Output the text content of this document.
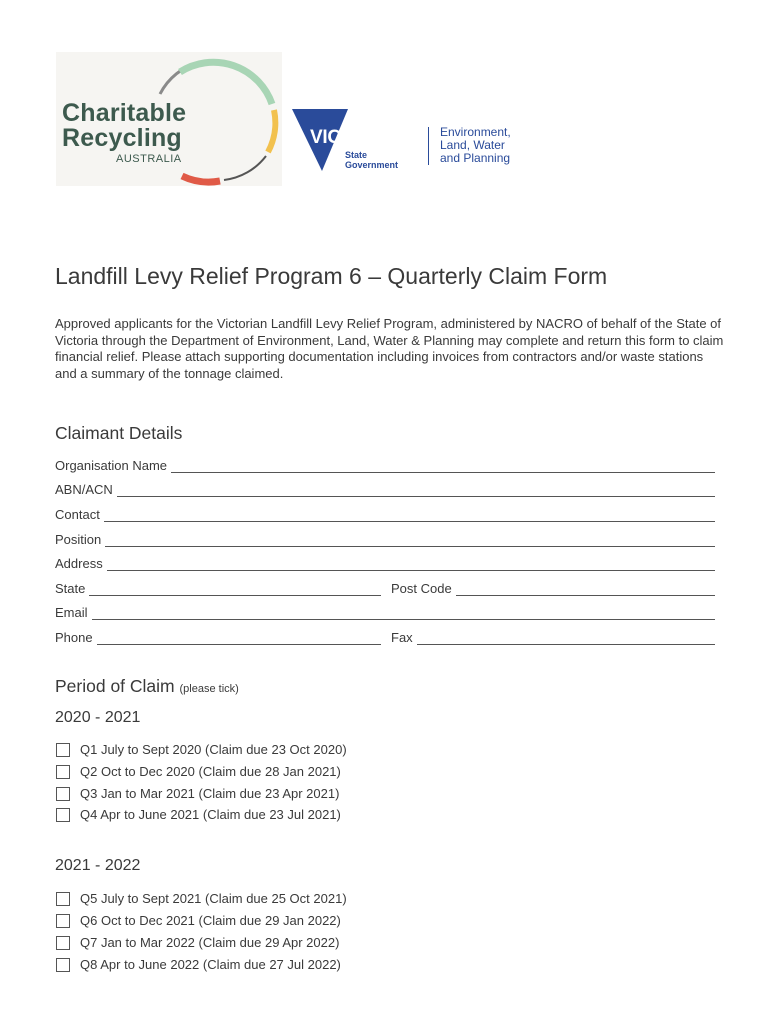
Charitable
Recycling
AUSTRALIA
VICTORIA
State
Government
Environment,
Land, Water
and Planning
Landfill Levy Relief Program 6 – Quarterly Claim Form

Approved applicants for the Victorian Landfill Levy Relief Program, administered by NACRO of behalf of the State of Victoria through the Department of Environment, Land, Water & Planning may complete and return this form to claim financial relief. Please attach supporting documentation including invoices from contractors and/or waste stations and a summary of the tonnage claimed.

Claimant Details
Organisation Name
ABN/ACN
Contact
Position
Address
State	Post Code
Email
Phone	Fax
Period of Claim (please tick)
2020 - 2021
Q1 July to Sept 2020 (Claim due 23 Oct 2020)
Q2 Oct to Dec 2020 (Claim due 28 Jan 2021)
Q3 Jan to Mar 2021 (Claim due 23 Apr 2021)
Q4 Apr to June 2021 (Claim due 23 Jul 2021)
2021 - 2022
Q5 July to Sept 2021 (Claim due 25 Oct 2021)
Q6 Oct to Dec 2021 (Claim due 29 Jan 2022)
Q7 Jan to Mar 2022 (Claim due 29 Apr 2022)
Q8 Apr to June 2022 (Claim due 27 Jul 2022)
